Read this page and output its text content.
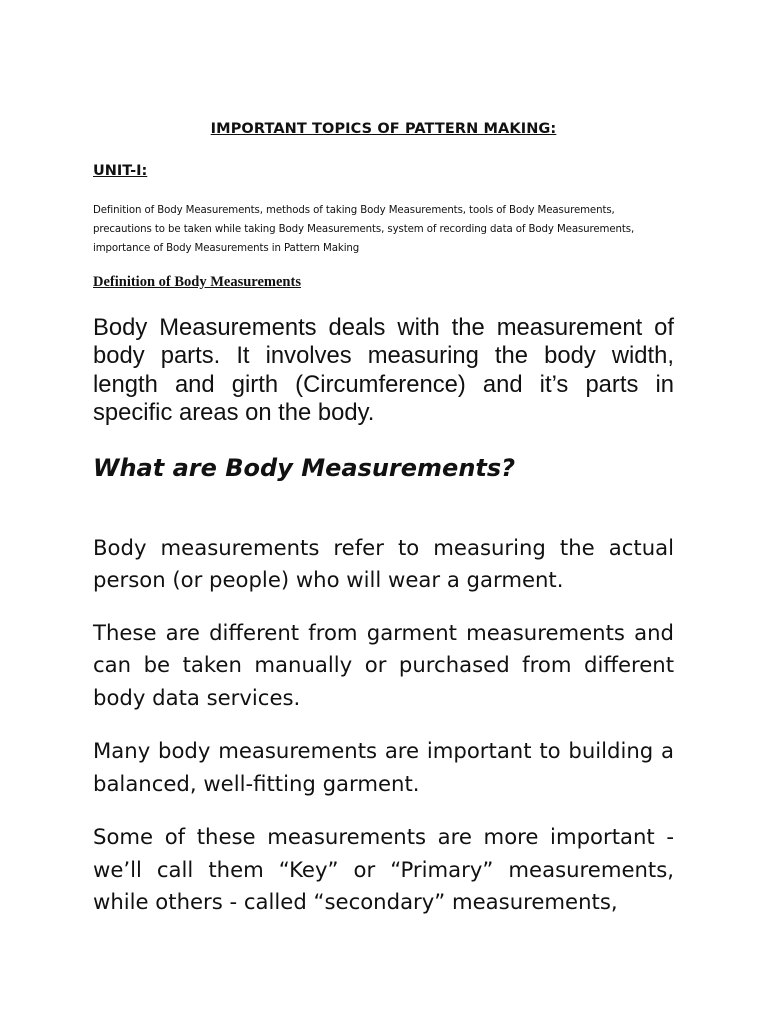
IMPORTANT TOPICS OF PATTERN MAKING:
UNIT-I:

Definition of Body Measurements, methods of taking Body Measurements, tools of Body Measurements, precautions to be taken while taking Body Measurements, system of recording data of Body Measurements, importance of Body Measurements in Pattern Making

Definition of Body Measurements

Body Measurements deals with the measurement of body parts. It involves measuring the body width, length and girth (Circumference) and it’s parts in specific areas on the body.

What are Body Measurements?

Body measurements refer to measuring the actual person (or people) who will wear a garment.

These are different from garment measurements and can be taken manually or purchased from different body data services.

Many body measurements are important to building a balanced, well-fitting garment.

Some of these measurements are more important - we’ll call them “Key” or “Primary” measurements, while others - called “secondary” measurements,
